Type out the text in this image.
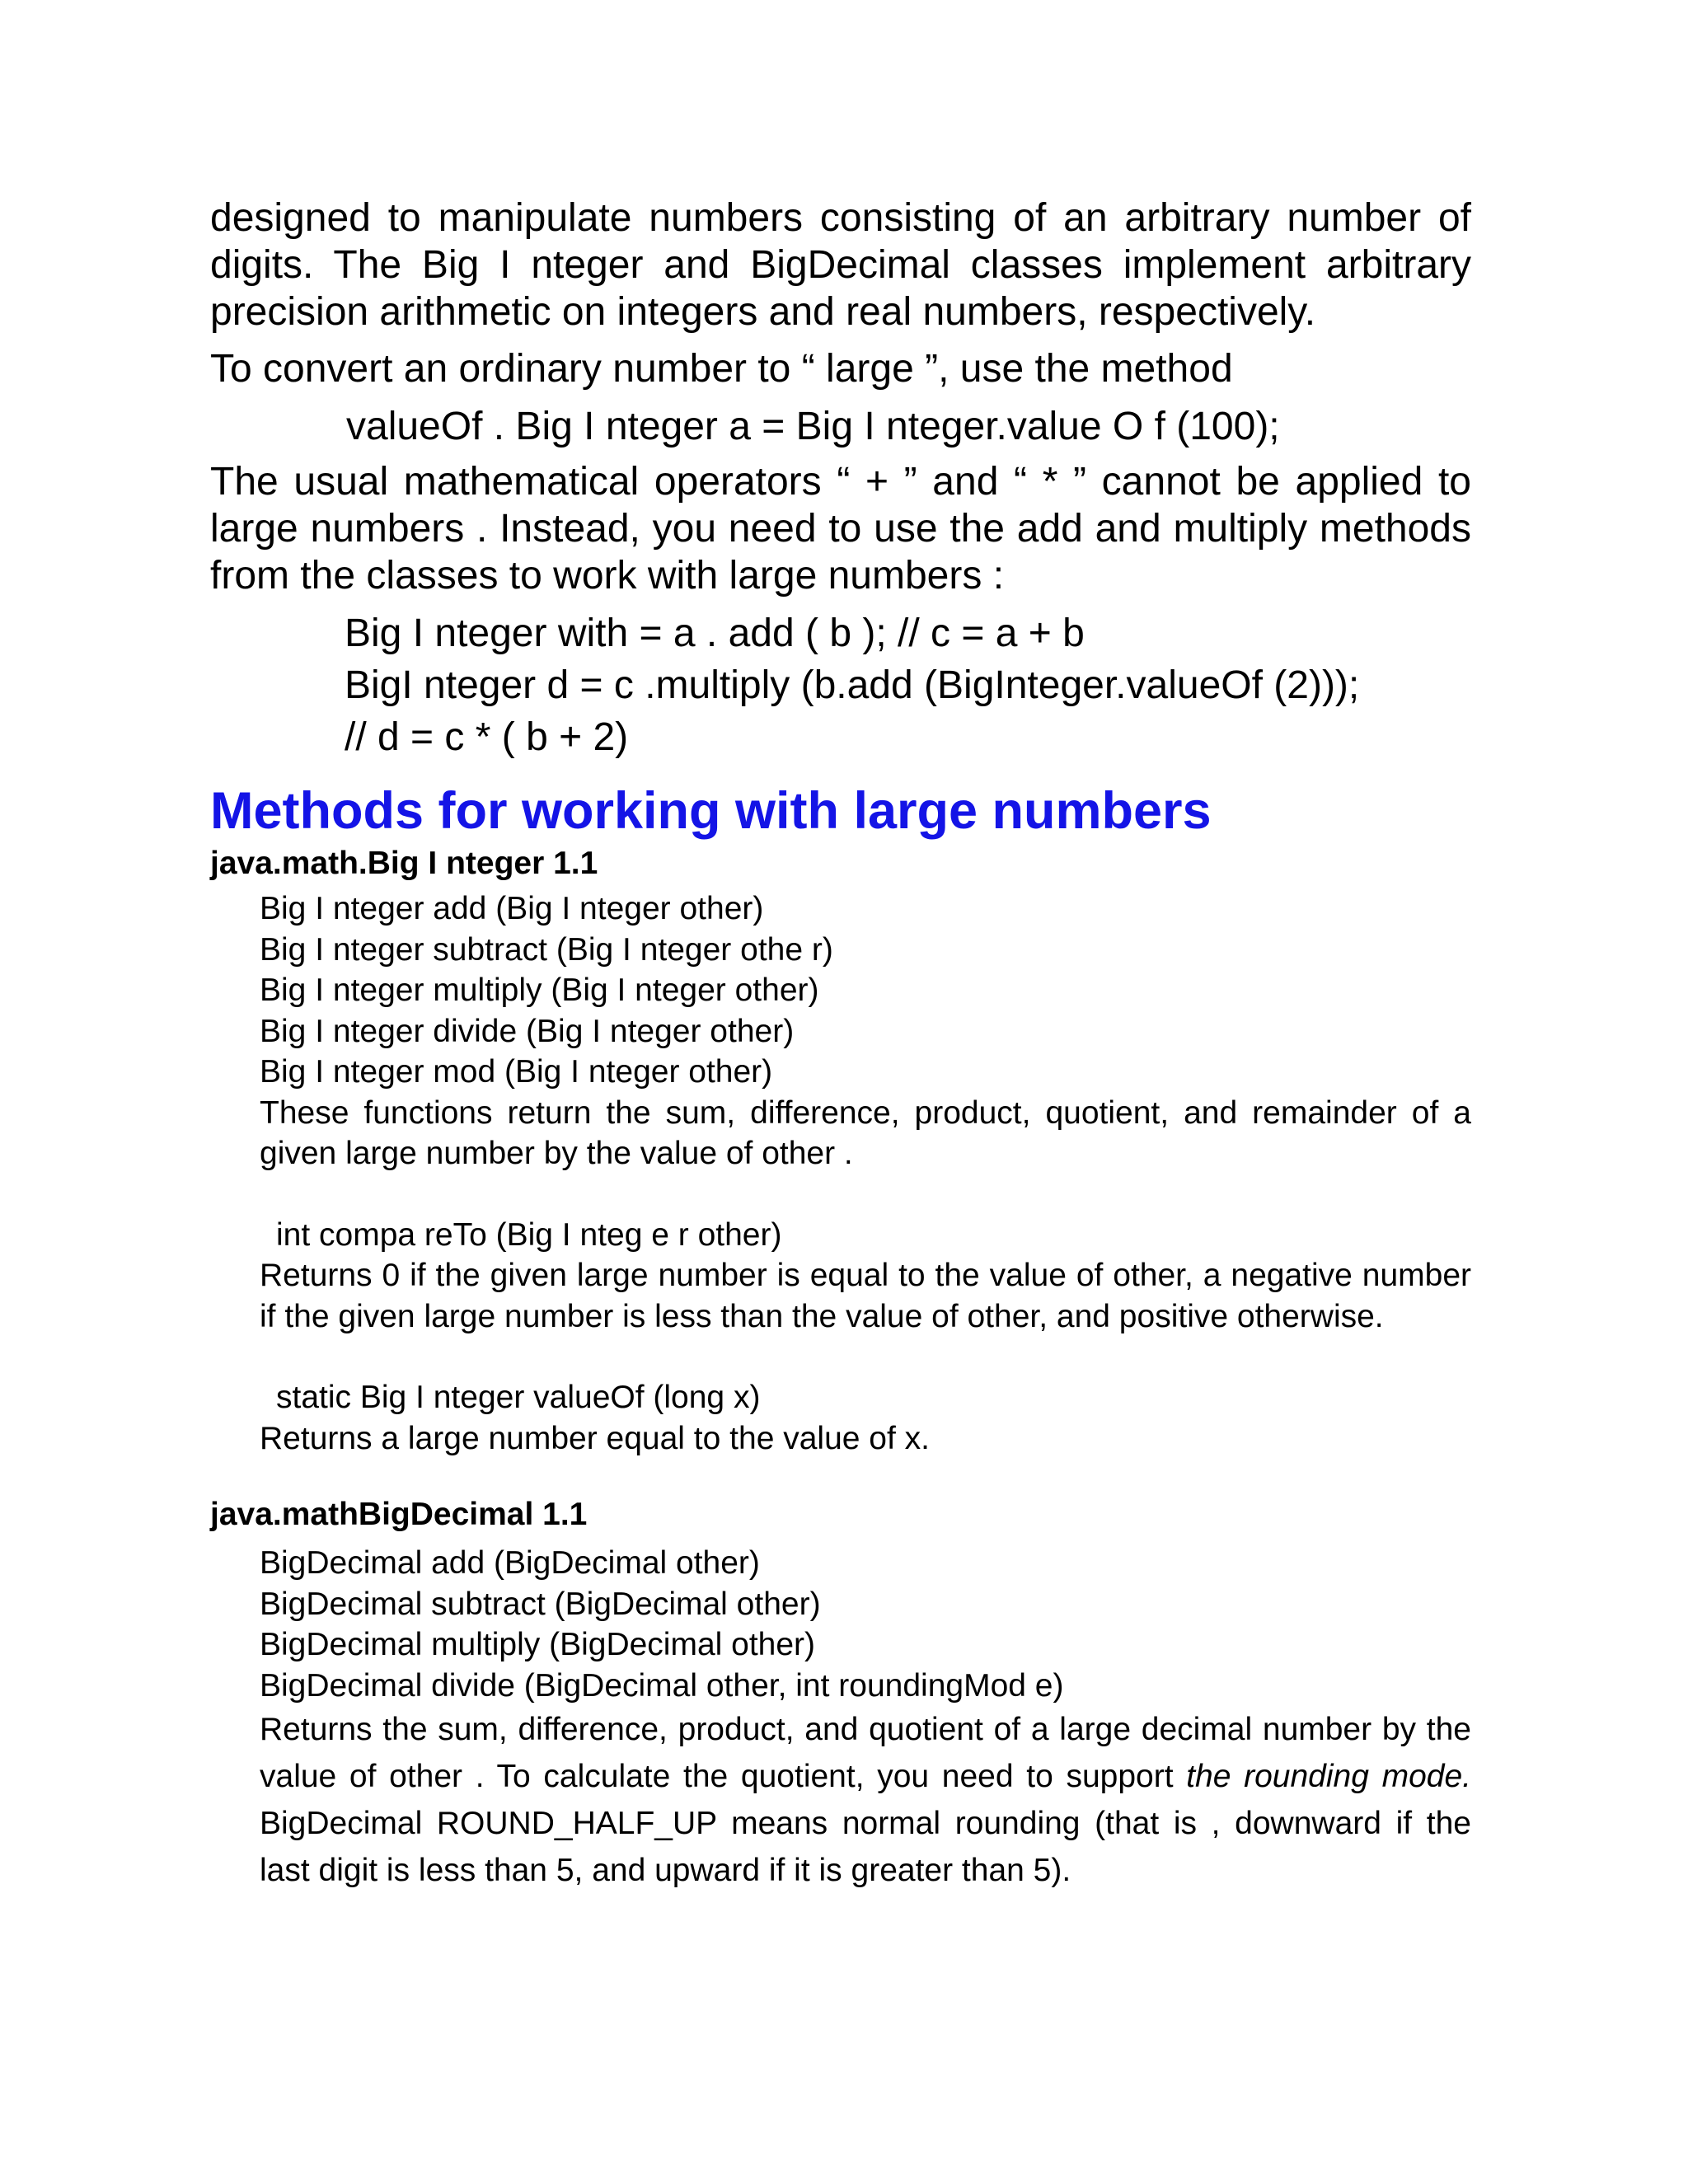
designed to manipulate numbers consisting of an arbitrary number of digits. The Big I nteger and BigDecimal classes implement arbitrary precision arithmetic on integers and real numbers, respectively.

To convert an ordinary number to “ large ”, use the method

valueOf . Big I nteger a = Big I nteger.value O f (100);

The usual mathematical operators “ + ” and “ * ” cannot be applied to large numbers . Instead, you need to use the add and multiply methods from the classes to work with large numbers :

Big I nteger with = a . add ( b ); // c = a + b

BigI nteger d = c .multiply (b.add (BigInteger.valueOf (2)));

// d = c * ( b + 2)

Methods for working with large numbers

java.math.Big I nteger 1.1

Big I nteger add (Big I nteger other)

Big I nteger subtract (Big I nteger othe r)

Big I nteger multiply (Big I nteger other)

Big I nteger divide (Big I nteger other)

Big I nteger mod (Big I nteger other)

These functions return the sum, difference, product, quotient, and remainder of a given large number by the value of other .

int compa reTo (Big I nteg e r other)

Returns 0 if the given large number is equal to the value of other, a negative number if the given large number is less than the value of other, and positive otherwise.

static Big I nteger valueOf (long x)

Returns a large number equal to the value of x.

java.mathBigDecimal 1.1

BigDecimal add (BigDecimal other)

BigDecimal subtract (BigDecimal other)

BigDecimal multiply (BigDecimal other)

BigDecimal divide (BigDecimal other, int roundingMod e)

Returns the sum, difference, product, and quotient of a large decimal number by the value of other . To calculate the quotient, you need to support the rounding mode. BigDecimal ROUND_HALF_UP means normal rounding (that is , downward if the last digit is less than 5, and upward if it is greater than 5).
